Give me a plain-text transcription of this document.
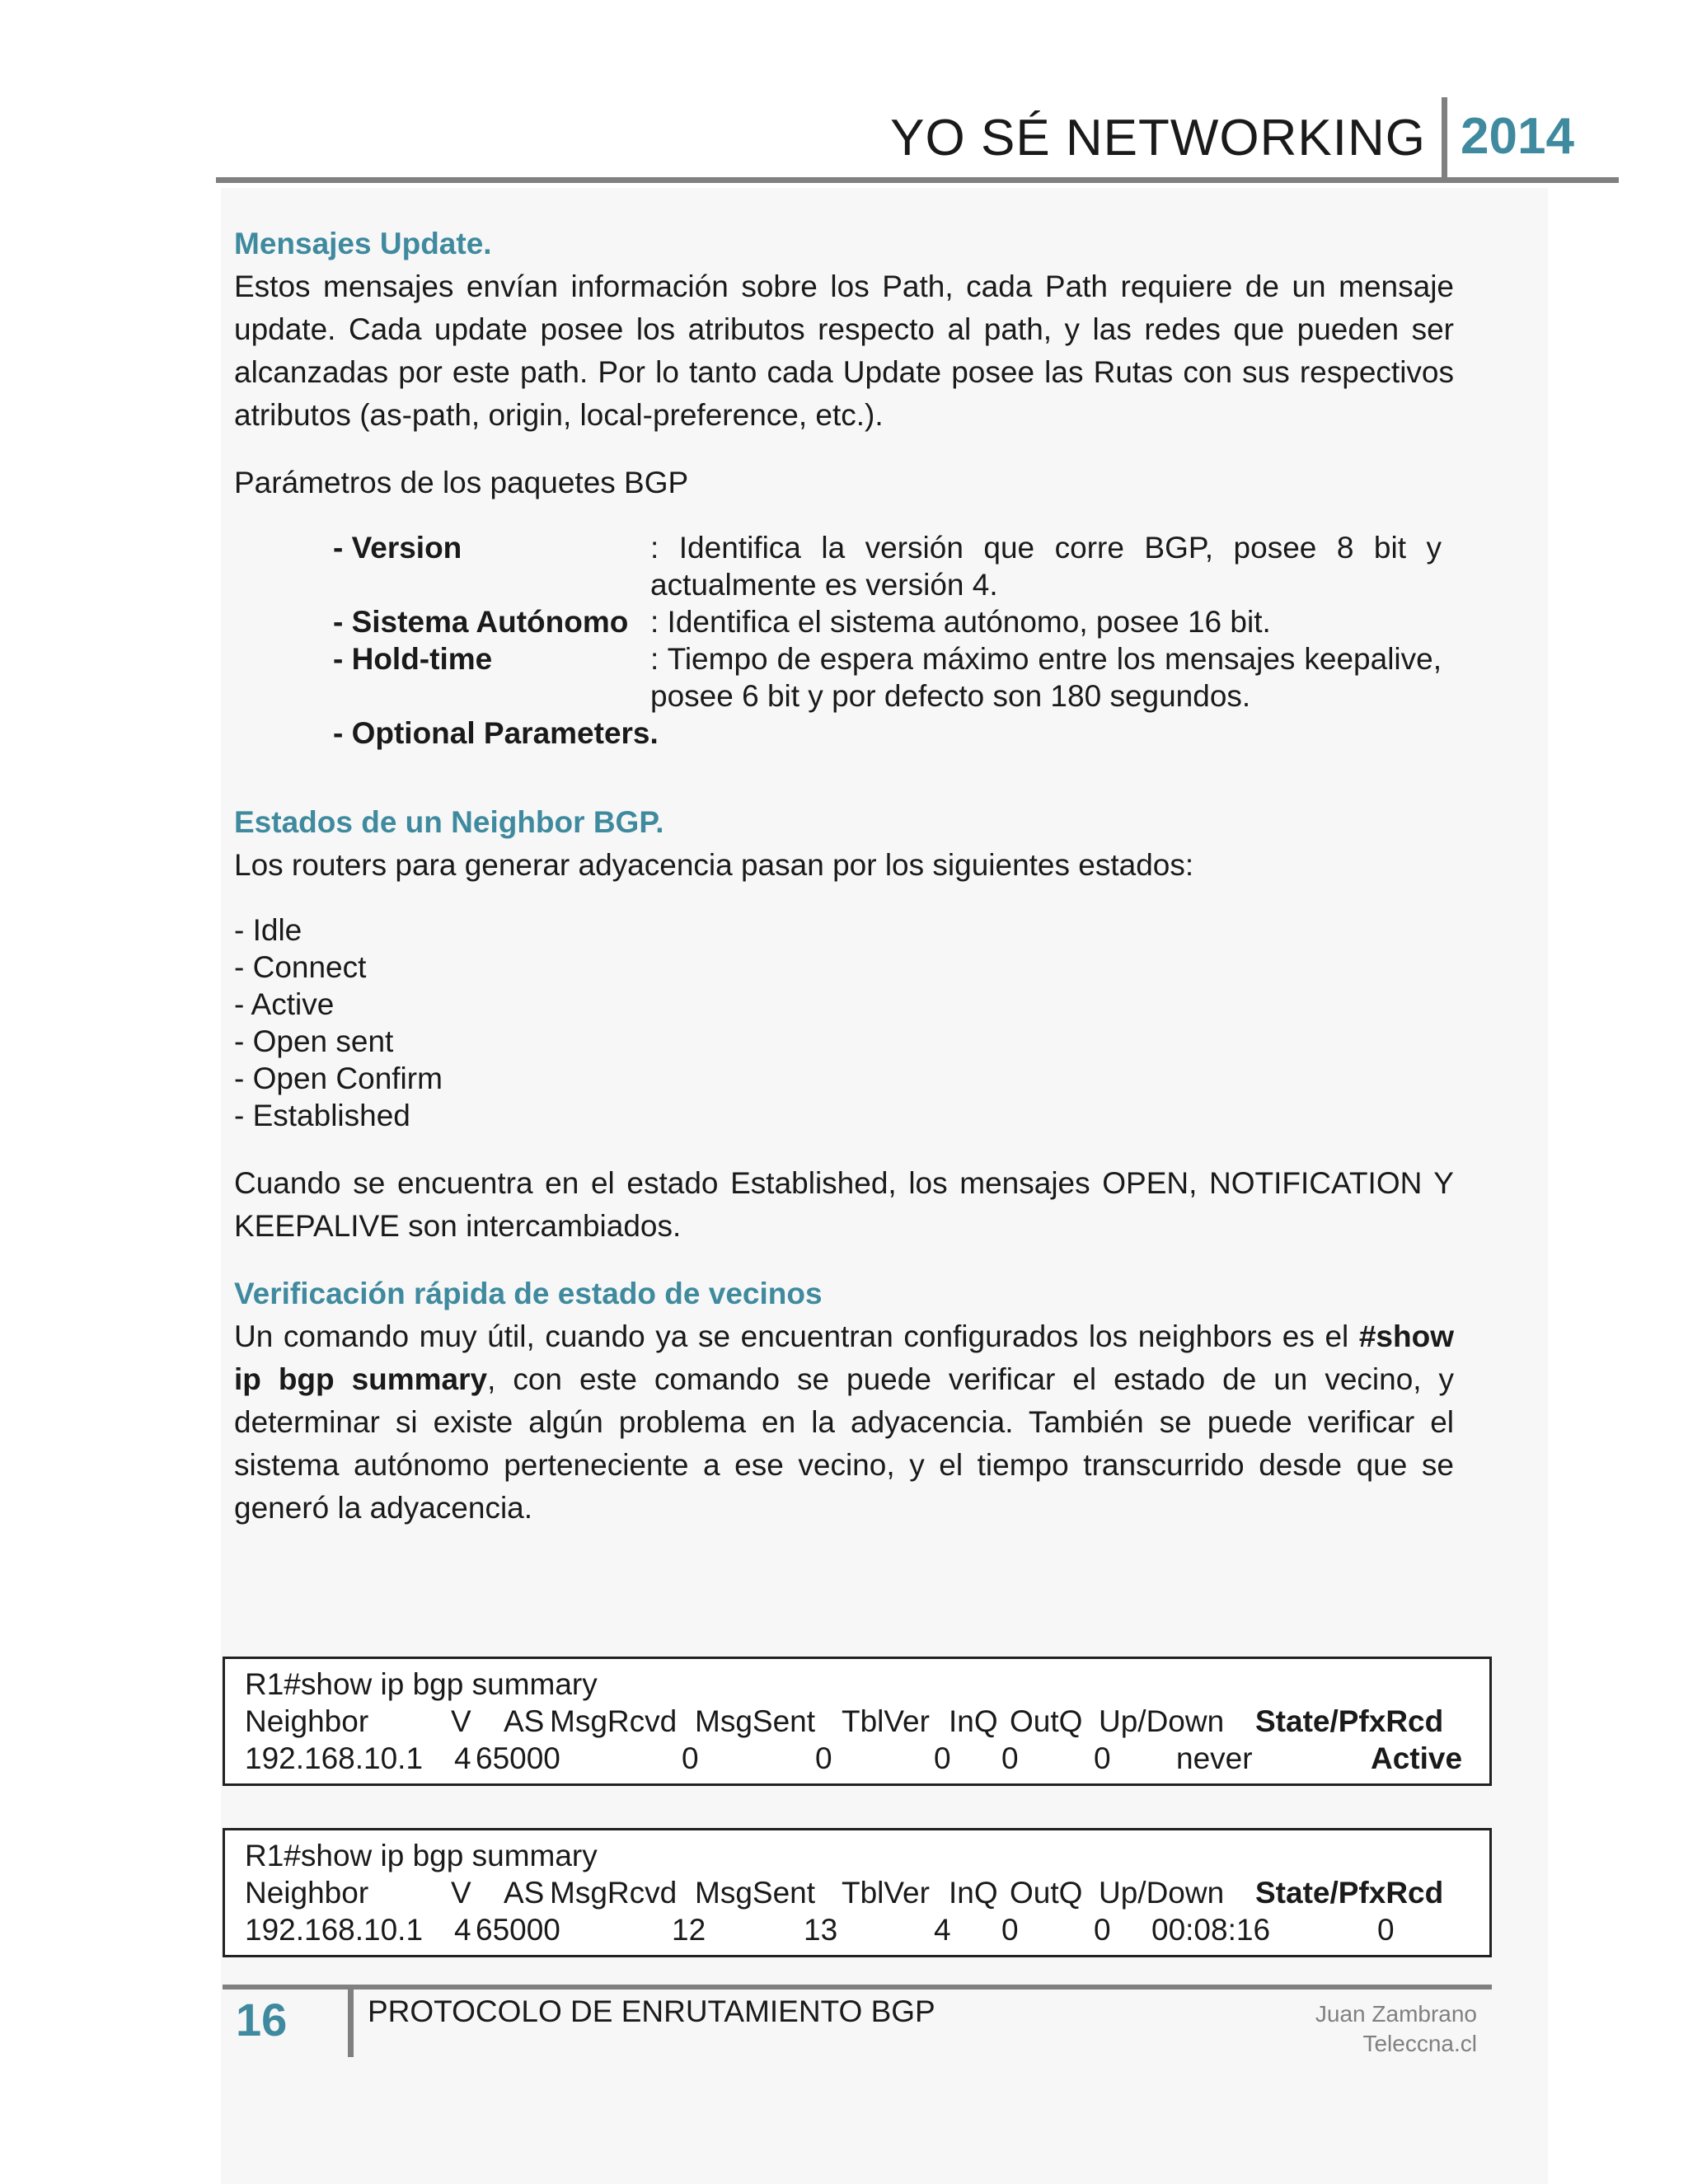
YO SÉ NETWORKING 2014

Mensajes Update.

Estos mensajes envían información sobre los Path, cada Path requiere de un mensaje update. Cada update posee los atributos respecto al path, y las redes que pueden ser alcanzadas por este path. Por lo tanto cada Update posee las Rutas con sus respectivos atributos (as-path, origin, local-preference, etc.).

Parámetros de los paquetes BGP

- Version	: Identifica la versión que corre BGP, posee 8 bit y actualmente es versión 4.
- Sistema Autónomo : Identifica el sistema autónomo, posee 16 bit.
- Hold-time	: Tiempo de espera máximo entre los mensajes keepalive, posee 6 bit y por defecto son 180 segundos.
- Optional Parameters.

Estados de un Neighbor BGP.

Los routers para generar adyacencia pasan por los siguientes estados:

- Idle
- Connect
- Active
- Open sent
- Open Confirm
- Established

Cuando se encuentra en el estado Established, los mensajes OPEN, NOTIFICATION Y KEEPALIVE son intercambiados.

Verificación rápida de estado de vecinos

Un comando muy útil, cuando ya se encuentran configurados los neighbors es el #show ip bgp summary, con este comando se puede verificar el estado de un vecino, y determinar si existe algún problema en la adyacencia. También se puede verificar el sistema autónomo perteneciente a ese vecino, y el tiempo transcurrido desde que se generó la adyacencia.

R1#show ip bgp summary
Neighbor	V AS MsgRcvd MsgSent TblVer InQ OutQ Up/Down State/PfxRcd
192.168.10.1 4 65000	0	0	0 0 0 never	Active
R1#show ip bgp summary
Neighbor	V AS MsgRcvd MsgSent TblVer InQ OutQ Up/Down State/PfxRcd
192.168.10.1 4 65000	12	13	4 0 0 00:08:16	0
16	PROTOCOLO DE ENRUTAMIENTO BGP	Juan Zambrano
Teleccna.cl
